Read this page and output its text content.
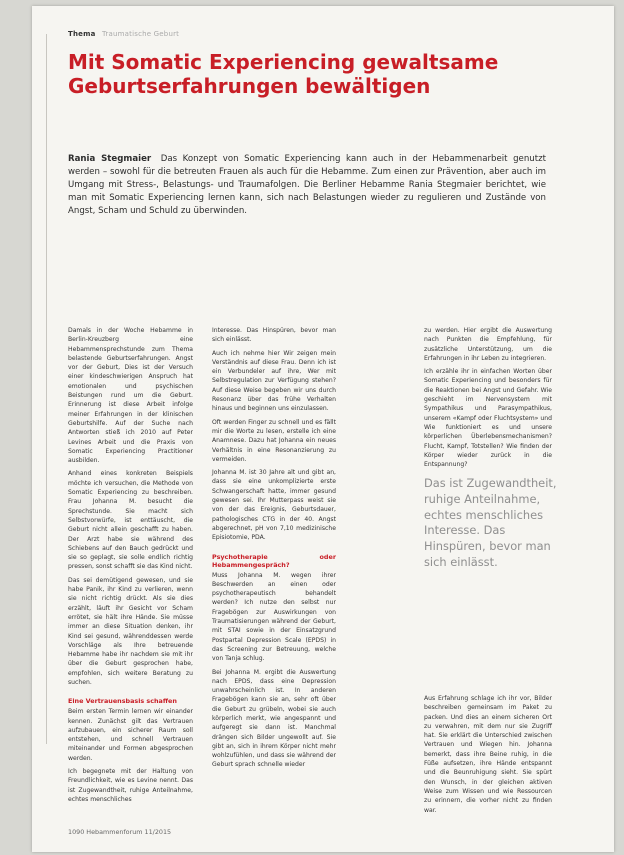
Thema Traumatische Geburt
Mit Somatic Experiencing gewaltsame
Geburtserfahrungen bewältigen

Rania Stegmaier Das Konzept von Somatic Experiencing kann auch in der Hebammenarbeit genutzt werden – sowohl für die betreuten Frauen als auch für die Hebamme. Zum einen zur Prävention, aber auch im Umgang mit Stress-, Belastungs- und Traumafolgen. Die Berliner Hebamme Rania Stegmaier berichtet, wie man mit Somatic Experiencing lernen kann, sich nach Belastungen wieder zu regulieren und Zustände von Angst, Scham und Schuld zu überwinden.

Damals in der Woche Hebamme in Berlin-Kreuzberg eine Hebammensprechstunde zum Thema belastende Geburtserfahrungen. Angst vor der Geburt, Dies ist der Versuch einer kindeschwierigen Anspruch hat emotionalen und psychischen Beistungen rund um die Geburt. Erinnerung ist diese Arbeit infolge meiner Erfahrungen in der klinischen Geburtshilfe. Auf der Suche nach Antworten stieß ich 2010 auf Peter Levines Arbeit und die Praxis von Somatic Experiencing Practitioner ausbilden.

Anhand eines konkreten Beispiels möchte ich versuchen, die Methode von Somatic Experiencing zu beschreiben. Frau Johanna M. besucht die Sprechstunde. Sie macht sich Selbstvorwürfe, ist enttäuscht, die Geburt nicht allein geschafft zu haben. Der Arzt habe sie während des Schiebens auf den Bauch gedrückt und sie so geplagt, sie solle endlich richtig pressen, sonst schafft sie das Kind nicht.

Das sei demütigend gewesen, und sie habe Panik, ihr Kind zu verlieren, wenn sie nicht richtig drückt. Als sie dies erzählt, läuft ihr Gesicht vor Scham errötet, sie hält ihre Hände. Sie müsse immer an diese Situation denken, ihr Kind sei gesund, währenddessen werde Vorschläge als Ihre betreuende Hebamme habe ihr nachdem sie mit ihr über die Geburt gesprochen habe, empfohlen, sich weitere Beratung zu suchen.

Eine Vertrauensbasis schaffen

Beim ersten Termin lernen wir einander kennen. Zunächst gilt das Vertrauen aufzubauen, ein sicherer Raum soll entstehen, und schnell Vertrauen miteinander und Formen abgesprochen werden.

Ich begegnete mit der Haltung von Freundlichkeit, wie es Levine nennt. Das ist Zugewandtheit, ruhige Anteilnahme, echtes menschliches

Interesse. Das Hinspüren, bevor man sich einlässt.

Auch ich nehme hier Wir zeigen mein Verständnis auf diese Frau. Denn ich ist ein Verbundeler auf ihre, Wer mit Selbstregulation zur Verfügung stehen? Auf diese Weise begeben wir uns durch Resonanz über das frühe Verhalten hinaus und beginnen uns einzulassen.

Oft werden Finger zu schnell und es fällt mir die Worte zu lesen, erstelle ich eine Anamnese. Dazu hat Johanna ein neues Verhältnis in eine Resonanzierung zu vermeiden.

Johanna M. ist 30 Jahre alt und gibt an, dass sie eine unkomplizierte erste Schwangerschaft hatte, immer gesund gewesen sei. Ihr Mutterpass weist sie von der das Ereignis, Geburtsdauer, pathologisches CTG in der 40. Angst abgerechnet, pH von 7,10 medizinische Episiotomie, PDA.

Psychotherapie oder Hebammengespräch?

Muss Johanna M. wegen ihrer Beschwerden an einen oder psychotherapeutisch behandelt werden? Ich nutze den selbst nur Fragebögen zur Auswirkungen von Traumatisierungen während der Geburt, mit STAI sowie in der Einsatzgrund Postpartal Depression Scale (EPDS) in das Screening zur Betreuung, welche von Tanja schlug.

Bei Johanna M. ergibt die Auswertung nach EPDS, dass eine Depression unwahrscheinlich ist. In anderen Fragebögen kann sie an, sehr oft über die Geburt zu grübeln, wobei sie auch körperlich merkt, wie angespannt und aufgeregt sie dann ist. Manchmal drängen sich Bilder ungewollt auf. Sie gibt an, sich in ihrem Körper nicht mehr wohlzufühlen, und dass sie während der Geburt sprach schnelle wieder

zu werden. Hier ergibt die Auswertung nach Punkten die Empfehlung, für zusätzliche Unterstützung, um die Erfahrungen in ihr Leben zu integrieren.

Ich erzähle ihr in einfachen Worten über Somatic Experiencing und besonders für die Reaktionen bei Angst und Gefahr. Wie geschieht im Nervensystem mit Sympathikus und Parasympathikus, unserem «Kampf oder Fluchtsystem» und Wie funktioniert es und unsere körperlichen Überlebensmechanismen? Flucht, Kampf, Totstellen? Wie finden der Körper wieder zurück in die Entspannung?

Das ist Zugewandtheit, ruhige Anteilnahme, echtes menschliches Interesse. Das Hinspüren, bevor man sich einlässt.

Aus Erfahrung schlage ich ihr vor, Bilder beschreiben gemeinsam im Paket zu packen. Und dies an einem sicheren Ort zu verwahren, mit dem nur sie Zugriff hat. Sie erklärt die Unterschied zwischen Vertrauen und Wiegen hin. Johanna bemerkt, dass ihre Beine ruhig, in die Füße aufsetzen, ihre Hände entspannt und die Beunruhigung sieht. Sie spürt den Wunsch, in der gleichen aktiven Weise zum Wissen und wie Ressourcen zu erinnern, die vorher nicht zu finden war.

1090 Hebammenforum 11/2015
